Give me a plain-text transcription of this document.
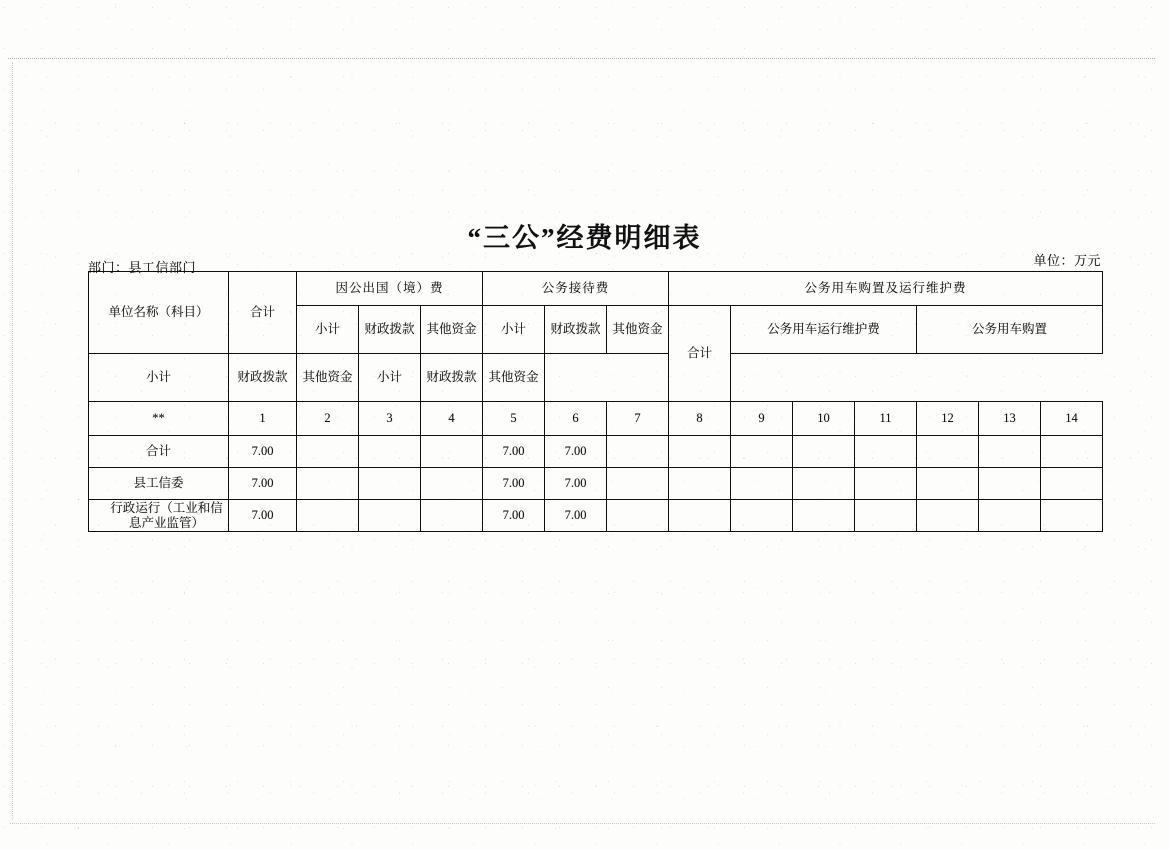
“三公”经费明细表
部门：县工信部门	单位：万元
单位名称（科目）	合计	因公出国（境）费			公务接待费			公务用车购置及运行维护费						
		小计	财政拨款	其他资金	小计	财政拨款	其他资金	合计	公务用车运行维护费			公务用车购置		
小计	财政拨款	其他资金	小计	财政拨款	其他资金									
**	1	2	3	4	5	6	7	8	9	10	11	12	13	14
合计	7.00				7.00	7.00								
县工信委	7.00				7.00	7.00								
行政运行（工业和信息产业监管）	7.00				7.00	7.00								
